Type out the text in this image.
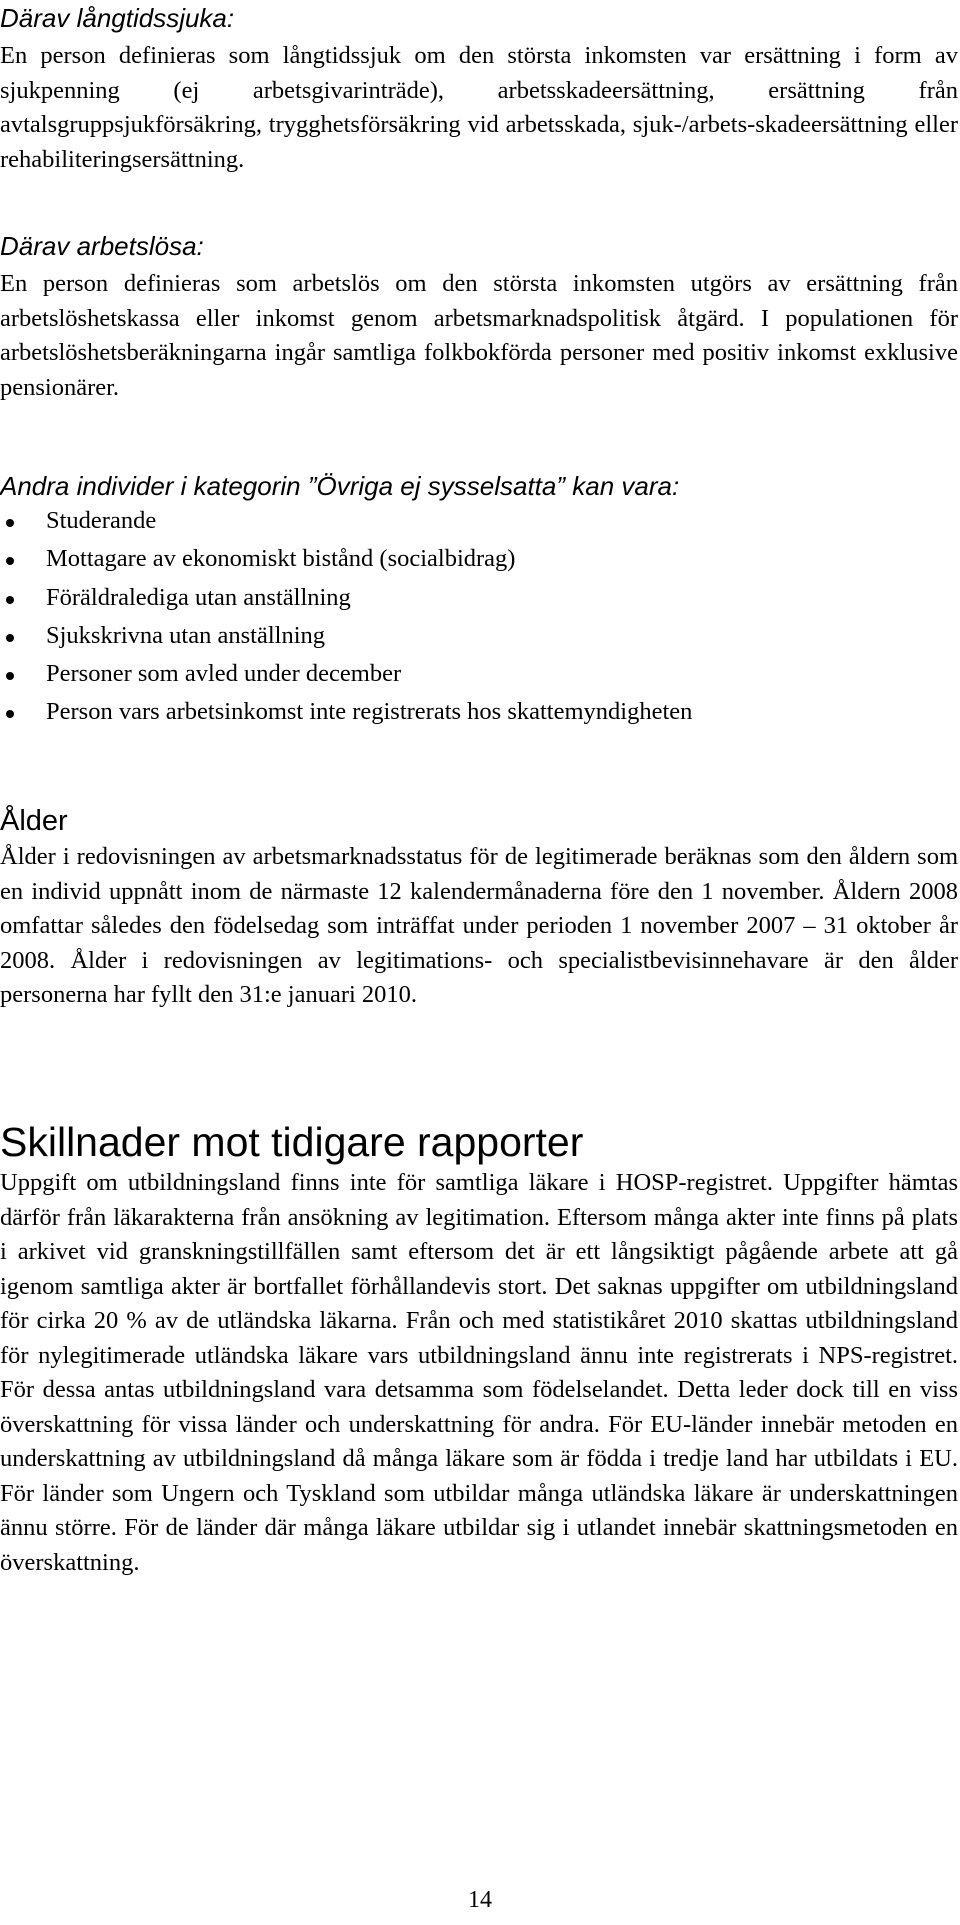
Därav långtidssjuka:

En person definieras som långtidssjuk om den största inkomsten var ersättning i form av sjukpenning (ej arbetsgivarinträde), arbetsskadeersättning, ersättning från avtalsgruppsjukförsäkring, trygghetsförsäkring vid arbetsskada, sjuk-/arbets-skadeersättning eller rehabiliteringsersättning.

Därav arbetslösa:

En person definieras som arbetslös om den största inkomsten utgörs av ersättning från arbetslöshetskassa eller inkomst genom arbetsmarknadspolitisk åtgärd. I populationen för arbetslöshetsberäkningarna ingår samtliga folkbokförda personer med positiv inkomst exklusive pensionärer.

Andra individer i kategorin ”Övriga ej sysselsatta” kan vara:

Studerande
Mottagare av ekonomiskt bistånd (socialbidrag)
Föräldralediga utan anställning
Sjukskrivna utan anställning
Personer som avled under december
Person vars arbetsinkomst inte registrerats hos skattemyndigheten

Ålder

Ålder i redovisningen av arbetsmarknadsstatus för de legitimerade beräknas som den åldern som en individ uppnått inom de närmaste 12 kalendermånaderna före den 1 november. Åldern 2008 omfattar således den födelsedag som inträffat under perioden 1 november 2007 – 31 oktober år 2008. Ålder i redovisningen av legitimations- och specialistbevisinnehavare är den ålder personerna har fyllt den 31:e januari 2010.

Skillnader mot tidigare rapporter

Uppgift om utbildningsland finns inte för samtliga läkare i HOSP-registret. Uppgifter hämtas därför från läkarakterna från ansökning av legitimation. Eftersom många akter inte finns på plats i arkivet vid granskningstillfällen samt eftersom det är ett långsiktigt pågående arbete att gå igenom samtliga akter är bortfallet förhållandevis stort. Det saknas uppgifter om utbildningsland för cirka 20 % av de utländska läkarna. Från och med statistikåret 2010 skattas utbildningsland för nylegitimerade utländska läkare vars utbildningsland ännu inte registrerats i NPS-registret. För dessa antas utbildningsland vara detsamma som födelselandet. Detta leder dock till en viss överskattning för vissa länder och underskattning för andra. För EU-länder innebär metoden en underskattning av utbildningsland då många läkare som är födda i tredje land har utbildats i EU. För länder som Ungern och Tyskland som utbildar många utländska läkare är underskattningen ännu större. För de länder där många läkare utbildar sig i utlandet innebär skattningsmetoden en överskattning.

14
